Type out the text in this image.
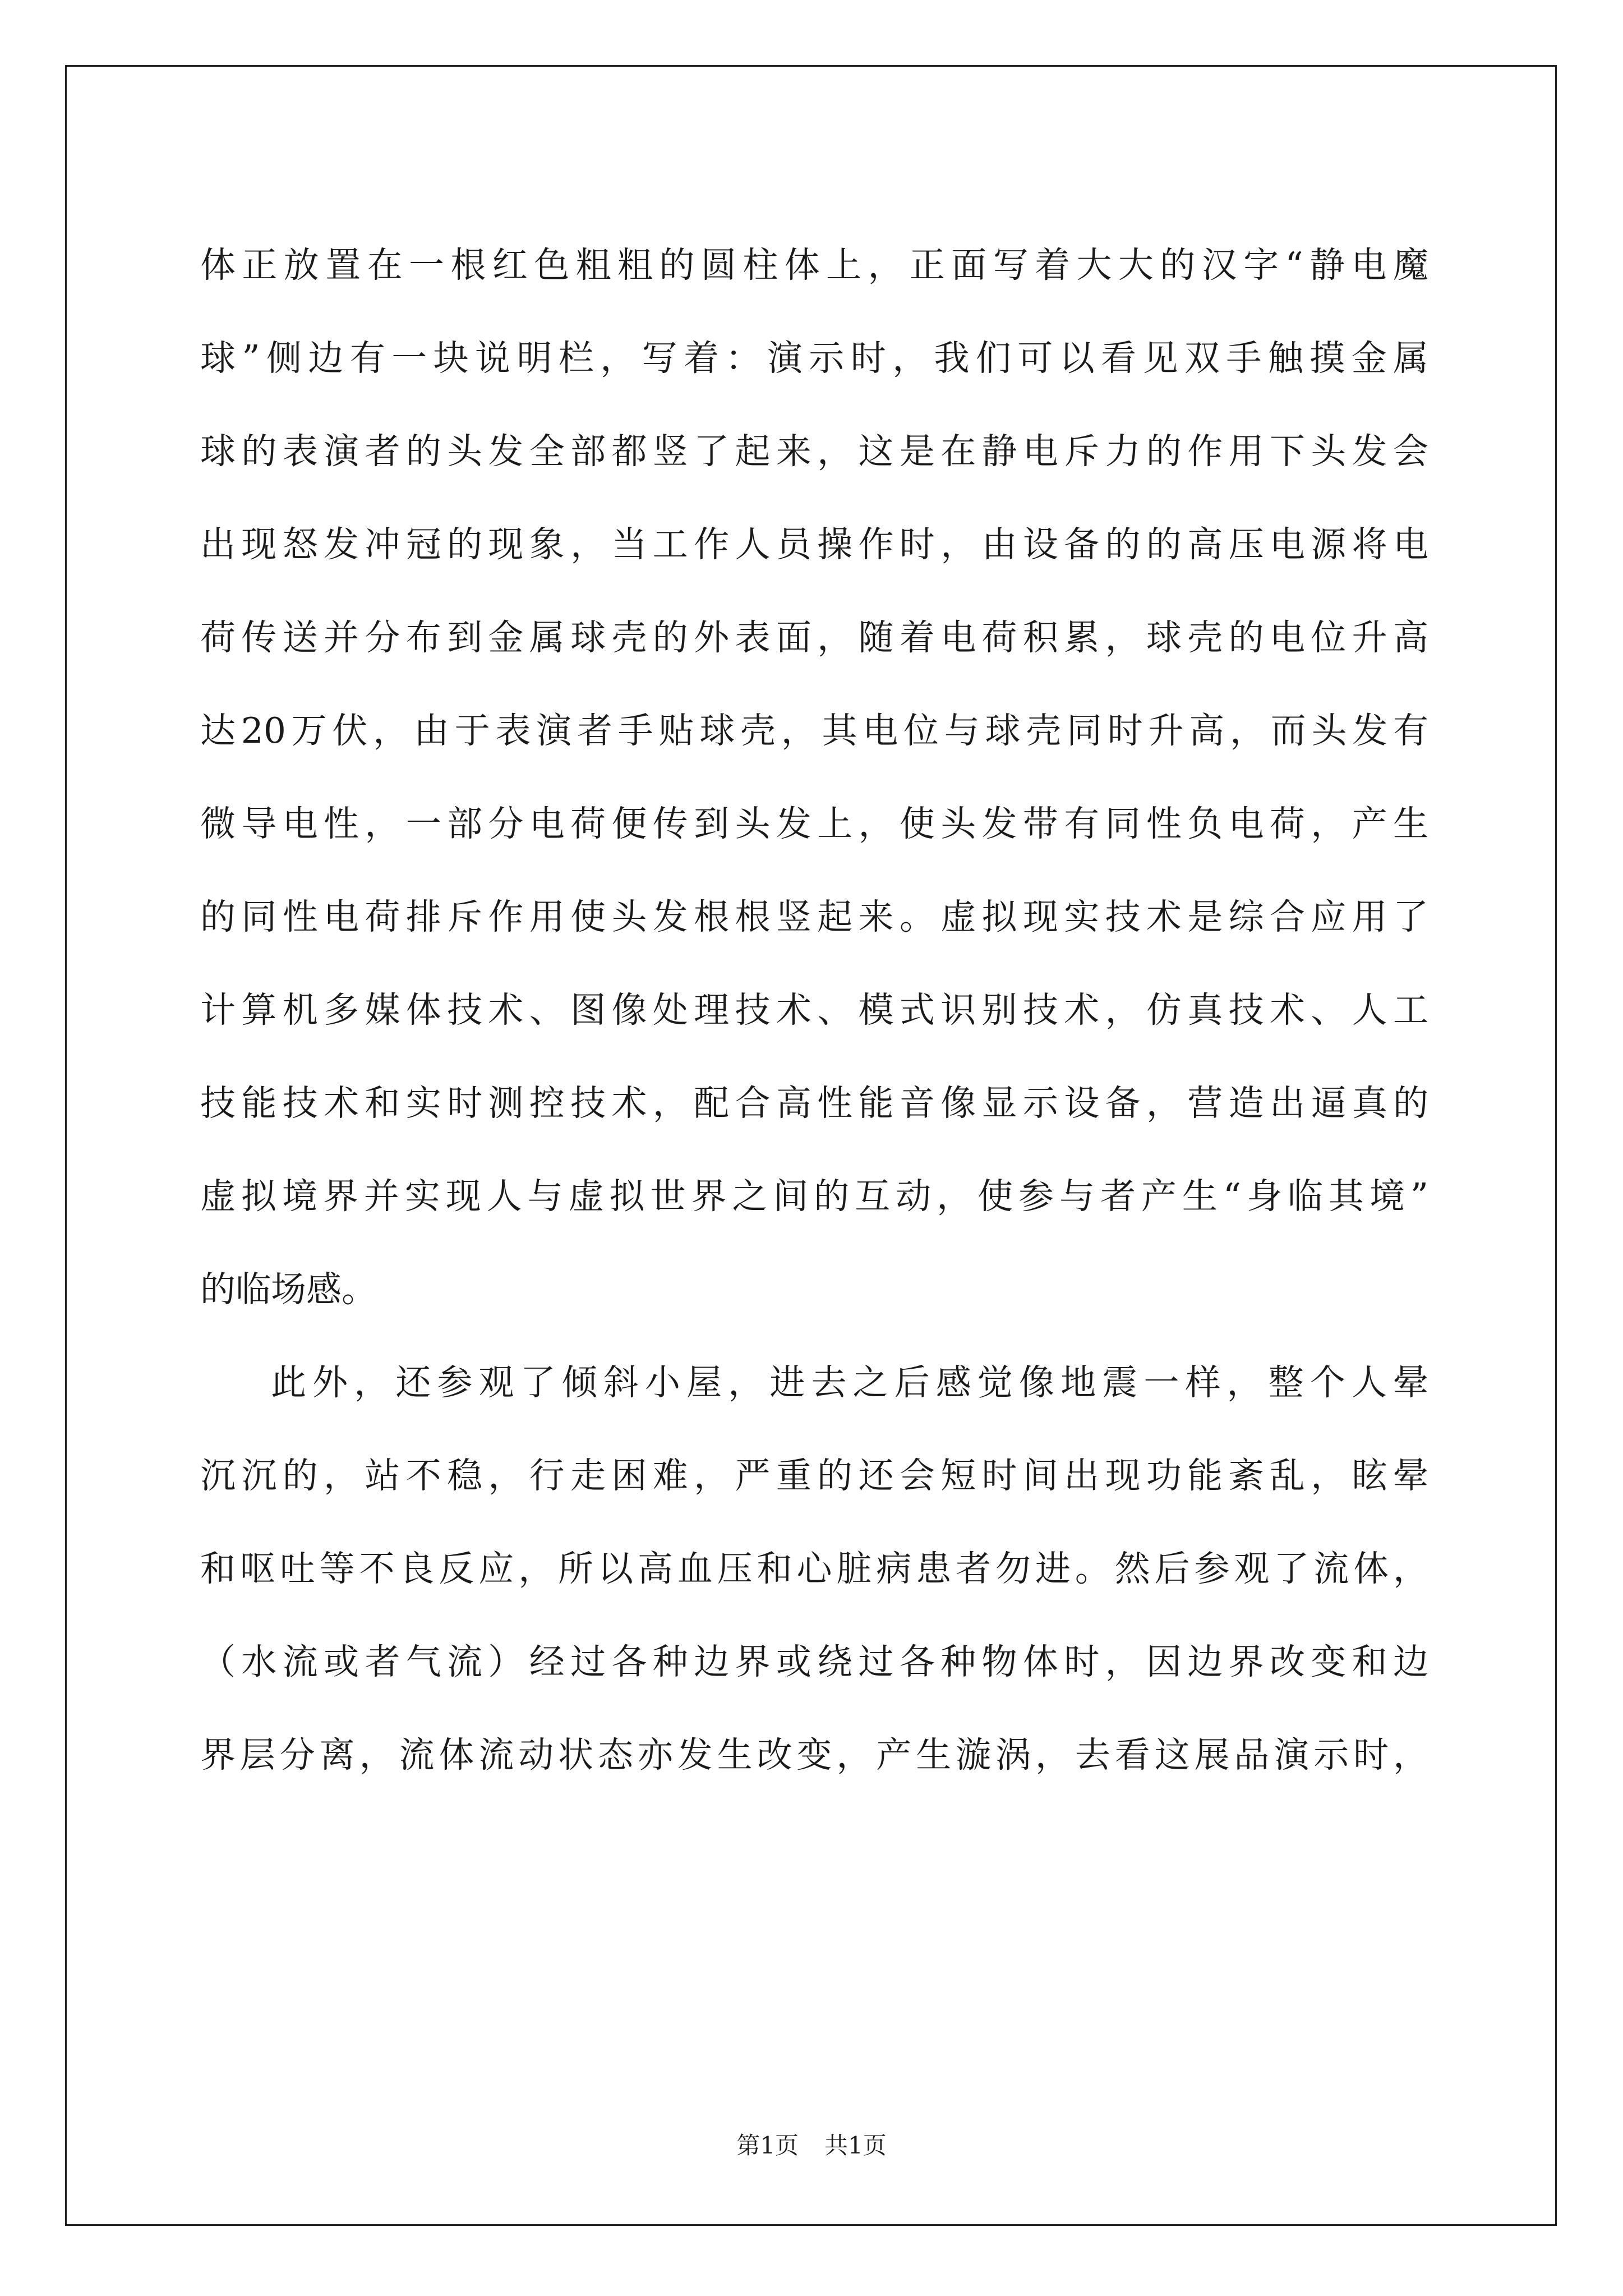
体正放置在一根红色粗粗的圆柱体上，正面写着大大的汉字“静电魔
球”侧边有一块说明栏，写着：演示时，我们可以看见双手触摸金属
球的表演者的头发全部都竖了起来，这是在静电斥力的作用下头发会
出现怒发冲冠的现象，当工作人员操作时，由设备的的高压电源将电
荷传送并分布到金属球壳的外表面，随着电荷积累，球壳的电位升高
达20万伏，由于表演者手贴球壳，其电位与球壳同时升高，而头发有
微导电性，一部分电荷便传到头发上，使头发带有同性负电荷，产生
的同性电荷排斥作用使头发根根竖起来。虚拟现实技术是综合应用了
计算机多媒体技术、图像处理技术、模式识别技术，仿真技术、人工
技能技术和实时测控技术，配合高性能音像显示设备，营造出逼真的
虚拟境界并实现人与虚拟世界之间的互动，使参与者产生“身临其境”
的临场感。
此外，还参观了倾斜小屋，进去之后感觉像地震一样，整个人晕
沉沉的，站不稳，行走困难，严重的还会短时间出现功能紊乱，眩晕
和呕吐等不良反应，所以高血压和心脏病患者勿进。然后参观了流体，
（水流或者气流）经过各种边界或绕过各种物体时，因边界改变和边
界层分离，流体流动状态亦发生改变，产生漩涡，去看这展品演示时，
第1页 共1页
